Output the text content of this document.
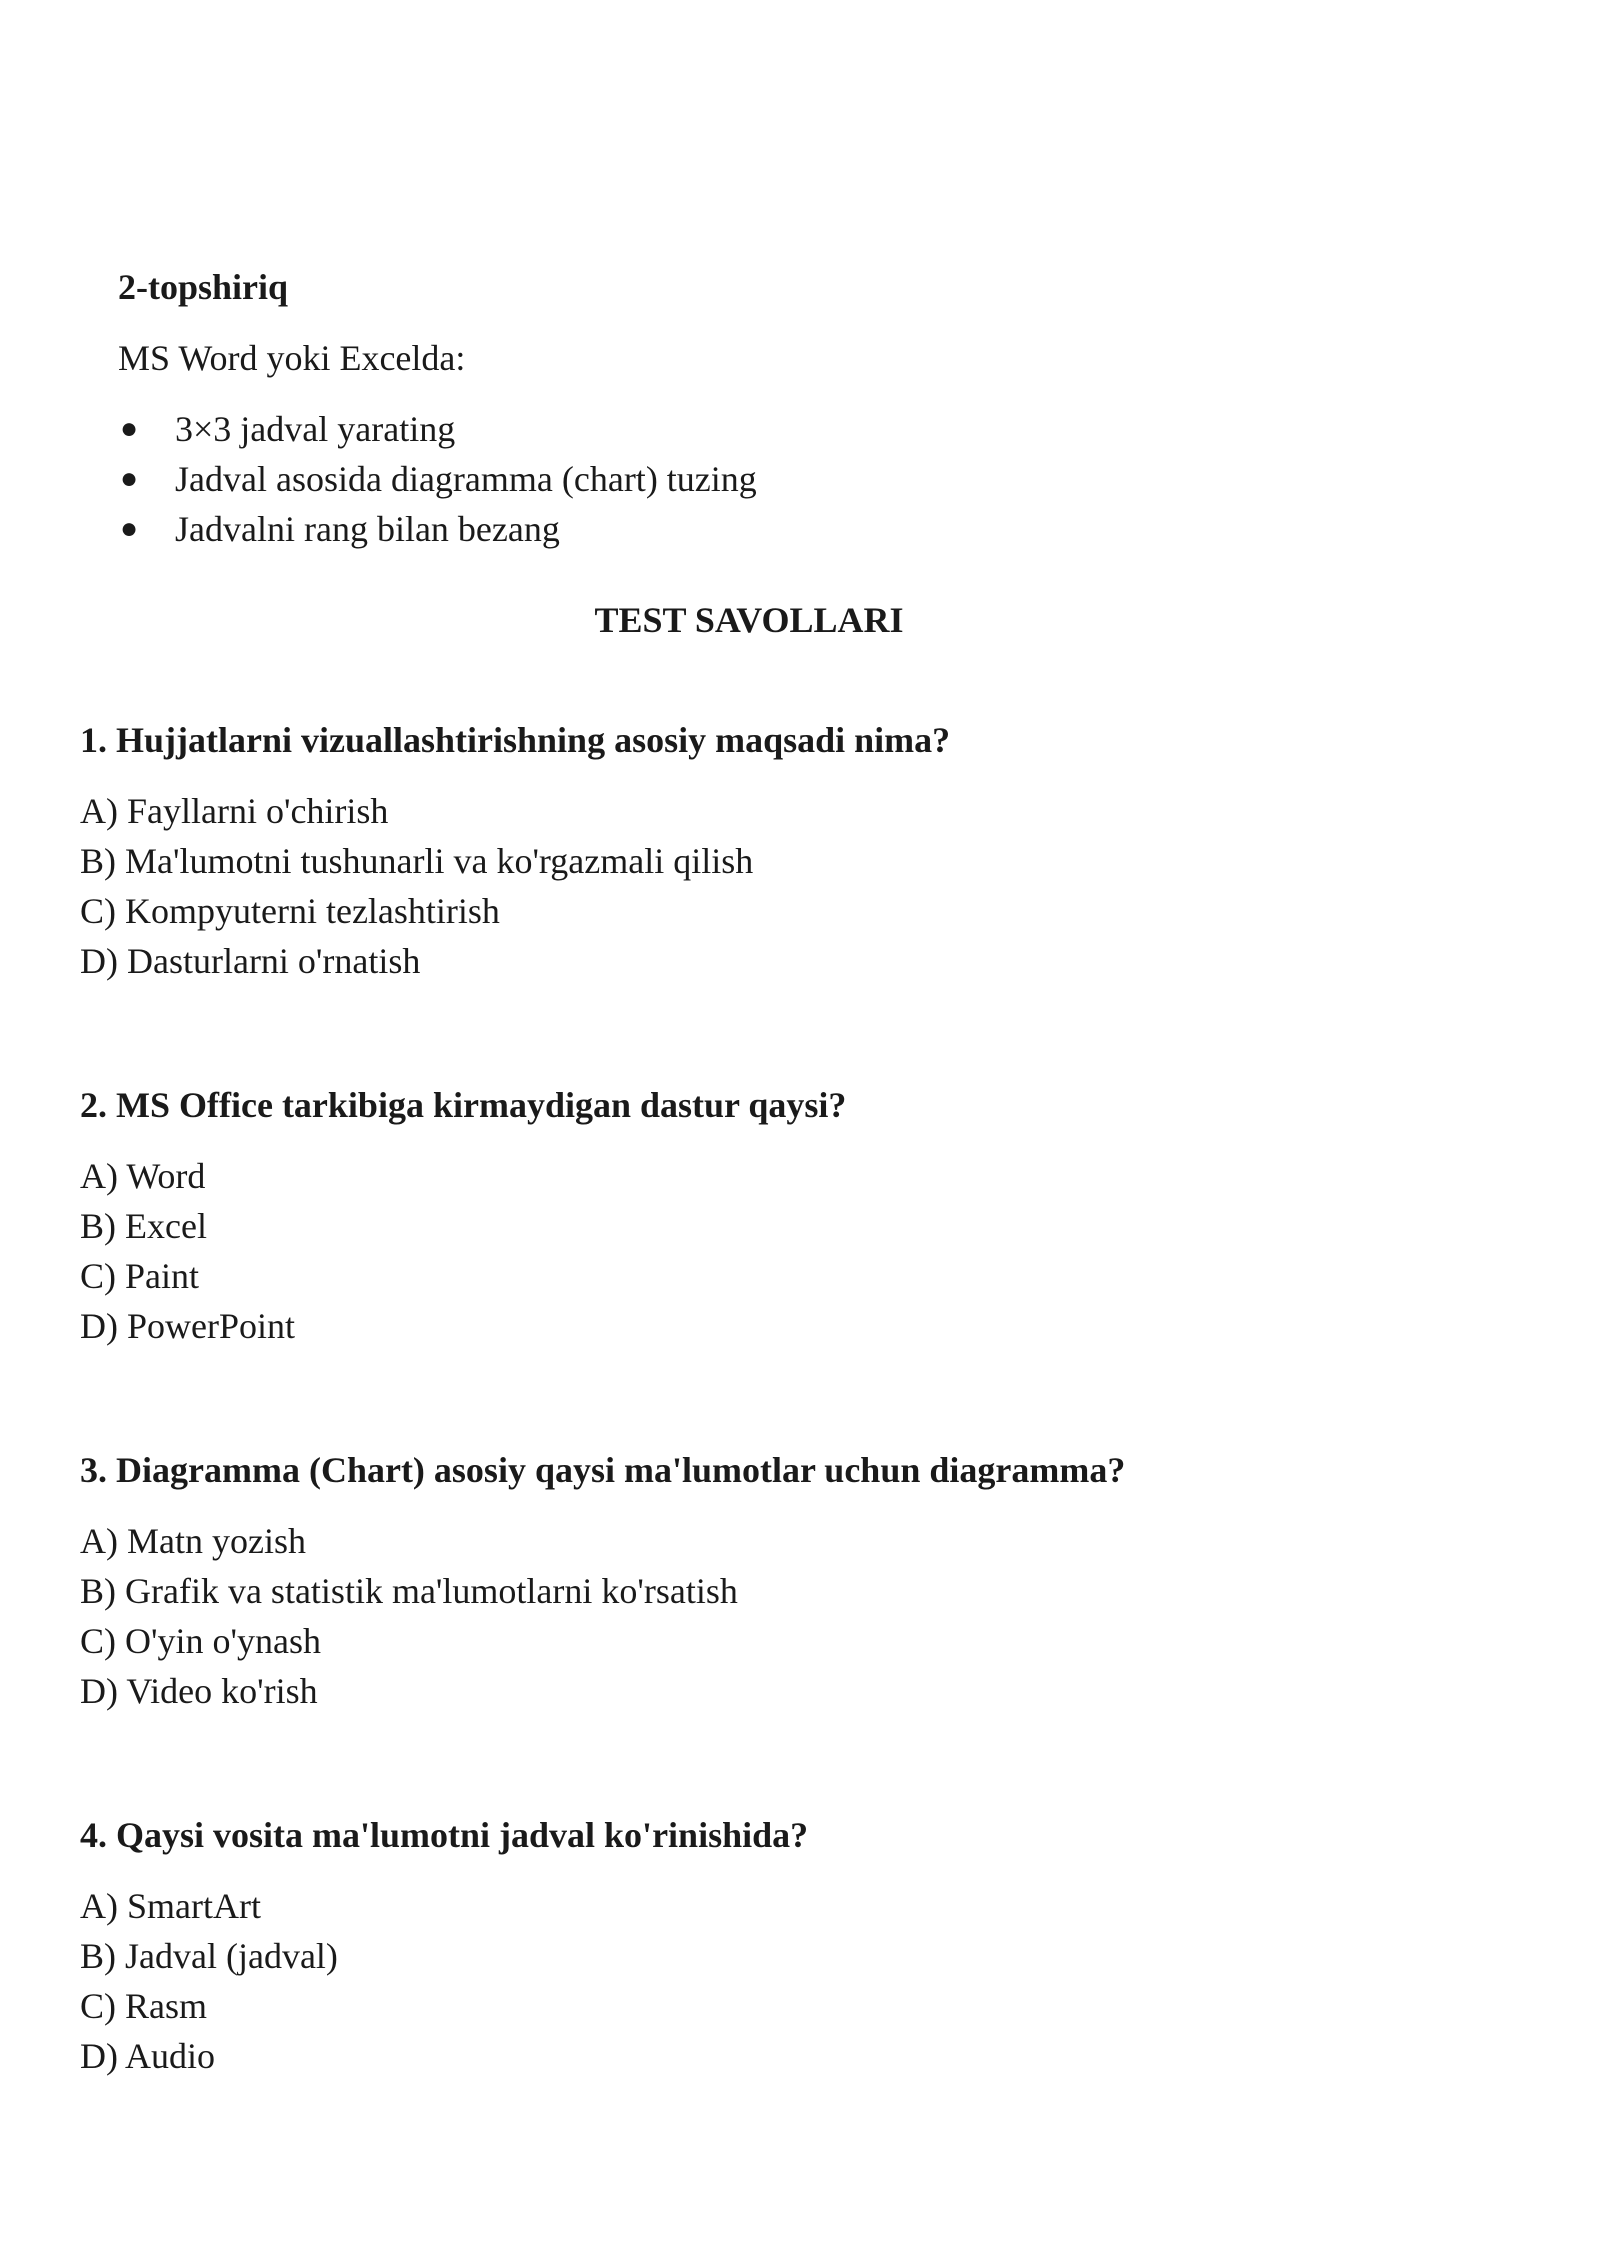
2-topshiriq

MS Word yoki Excelda:

● 3×3 jadval yarating
● Jadval asosida diagramma (chart) tuzing
● Jadvalni rang bilan bezang

TEST SAVOLLARI

1. Hujjatlarni vizuallashtirishning asosiy maqsadi nima?

A) Fayllarni o'chirish
B) Ma'lumotni tushunarli va ko'rgazmali qilish
C) Kompyuterni tezlashtirish
D) Dasturlarni o'rnatish

2. MS Office tarkibiga kirmaydigan dastur qaysi?

A) Word
B) Excel
C) Paint
D) PowerPoint

3. Diagramma (Chart) asosiy qaysi ma'lumotlar uchun diagramma?

A) Matn yozish
B) Grafik va statistik ma'lumotlarni ko'rsatish
C) O'yin o'ynash
D) Video ko'rish

4. Qaysi vosita ma'lumotni jadval ko'rinishida?

A) SmartArt
B) Jadval (jadval)
C) Rasm
D) Audio
